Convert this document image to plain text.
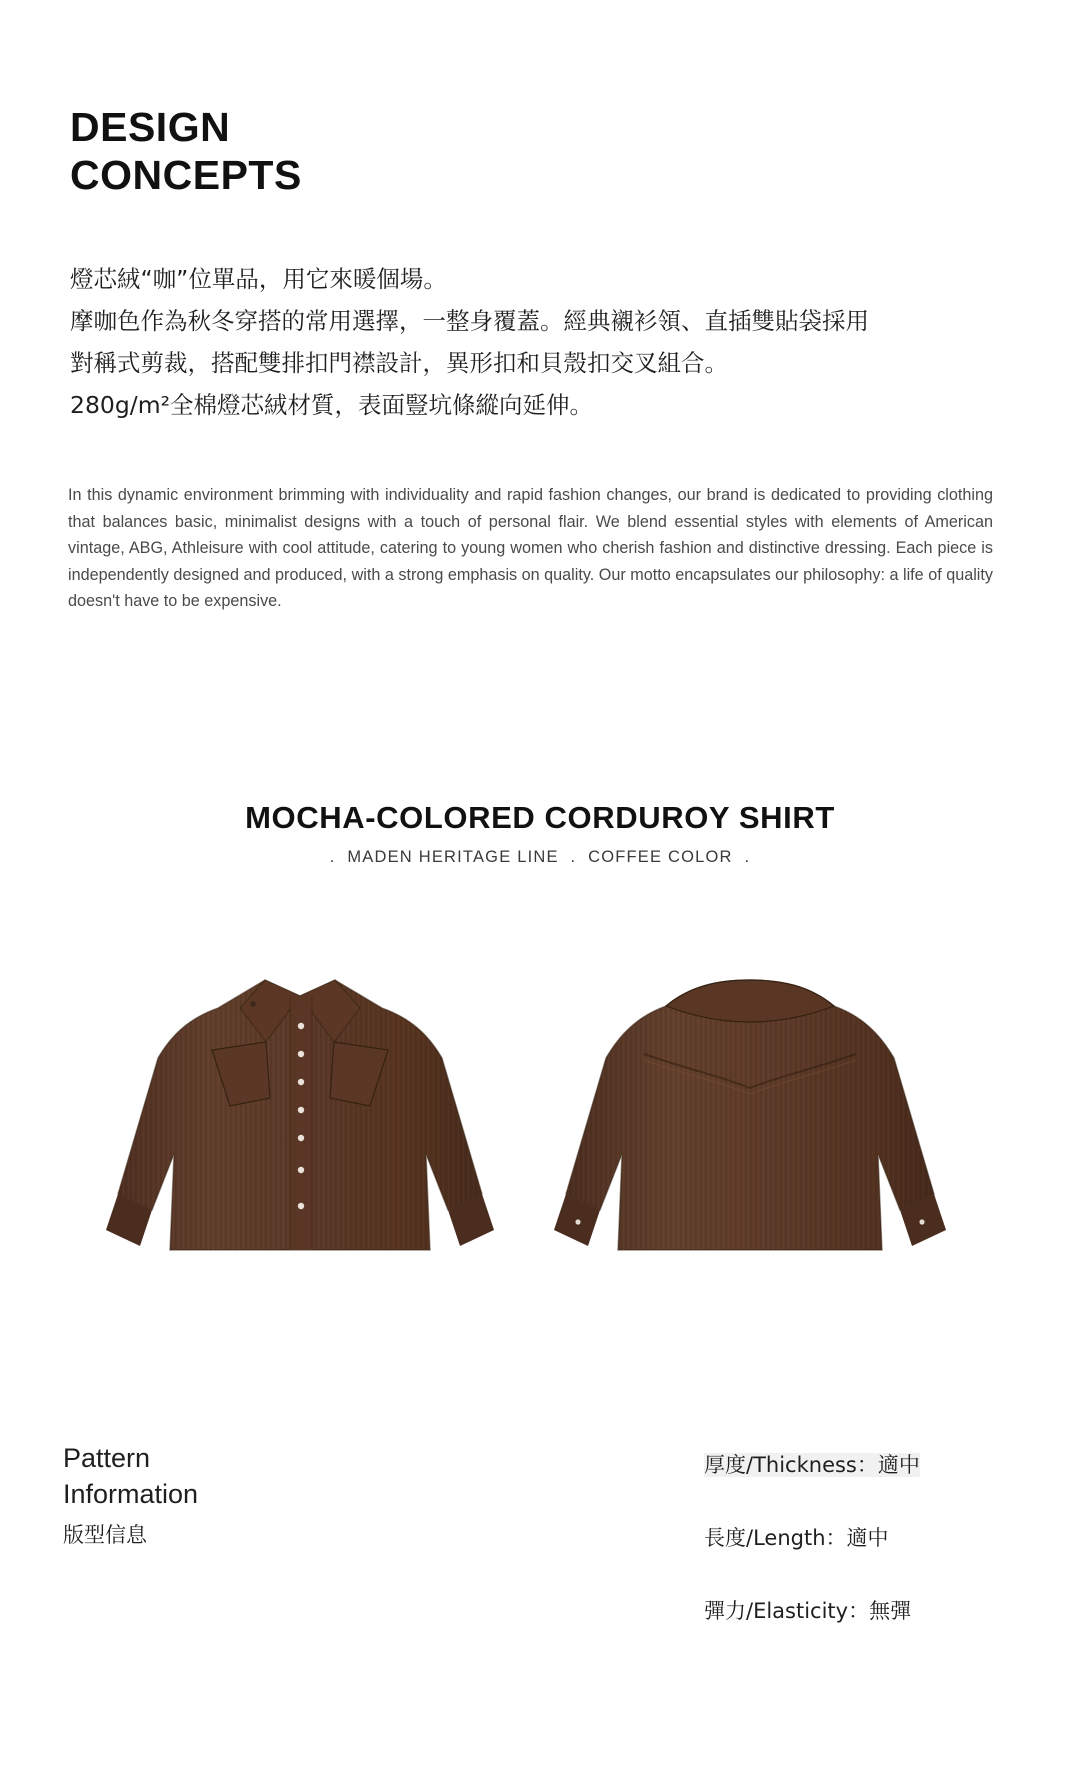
DESIGN
CONCEPTS
燈芯絨“咖”位單品，用它來暖個場。
摩咖色作為秋冬穿搭的常用選擇，一整身覆蓋。經典襯衫領、直插雙貼袋採用
對稱式剪裁，搭配雙排扣門襟設計，異形扣和貝殼扣交叉組合。
280g/m²全棉燈芯絨材質，表面豎坑條縱向延伸。
In this dynamic environment brimming with individuality and rapid fashion changes, our brand is dedicated to providing clothing that balances basic, minimalist designs with a touch of personal flair. We blend essential styles with elements of American vintage, ABG, Athleisure with cool attitude, catering to young women who cherish fashion and distinctive dressing. Each piece is independently designed and produced, with a strong emphasis on quality. Our motto encapsulates our philosophy: a life of quality doesn't have to be expensive.
MOCHA-COLORED CORDUROY SHIRT
. MADEN HERITAGE LINE . COFFEE COLOR .
Pattern
Information
版型信息
厚度/Thickness：適中
長度/Length：適中
彈力/Elasticity：無彈
